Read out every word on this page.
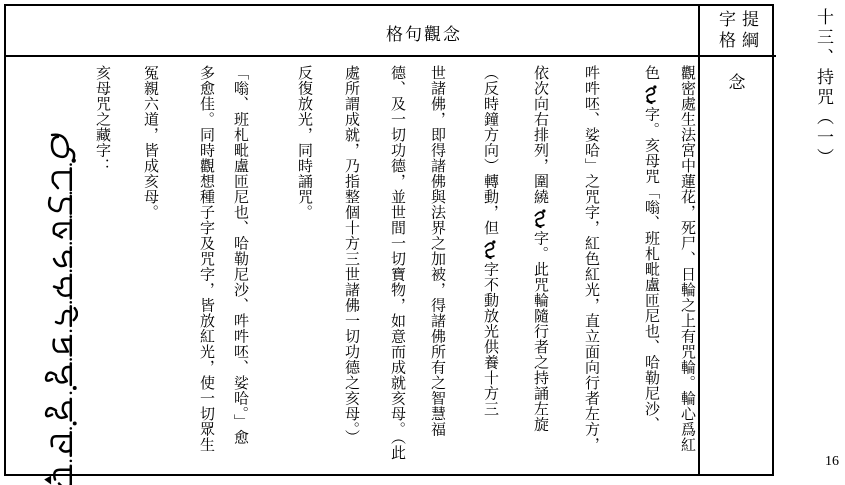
格句觀念	提綱字格
念
觀密處生法宮中蓮花，死尸、日輪之上有咒輪。輪心爲紅
色字。亥母咒「嗡、班札毗盧匝尼也、哈勒尼沙、
吽吽呸、娑哈」之咒字，紅色紅光，直立面向行者左方，
依次向右排列，圍繞字。此咒輪隨行者之持誦左旋
（反時鐘方向）轉動，但字不動放光供養十方三
世諸佛，即得諸佛與法界之加被，得諸佛所有之智慧福
德、及一切功德，並世間一切寶物，如意而成就亥母。（此
處所謂成就，乃指整個十方三世諸佛一切功德之亥母。）
反復放光，同時誦咒。
「嗡、班札毗盧匝尼也、哈勒尼沙、吽吽呸、娑哈。」愈
多愈佳。同時觀想種子字及咒字，皆放紅光，使一切眾生
冤親六道，皆成亥母。
亥母咒之藏字：	十三、持咒（一）
16
